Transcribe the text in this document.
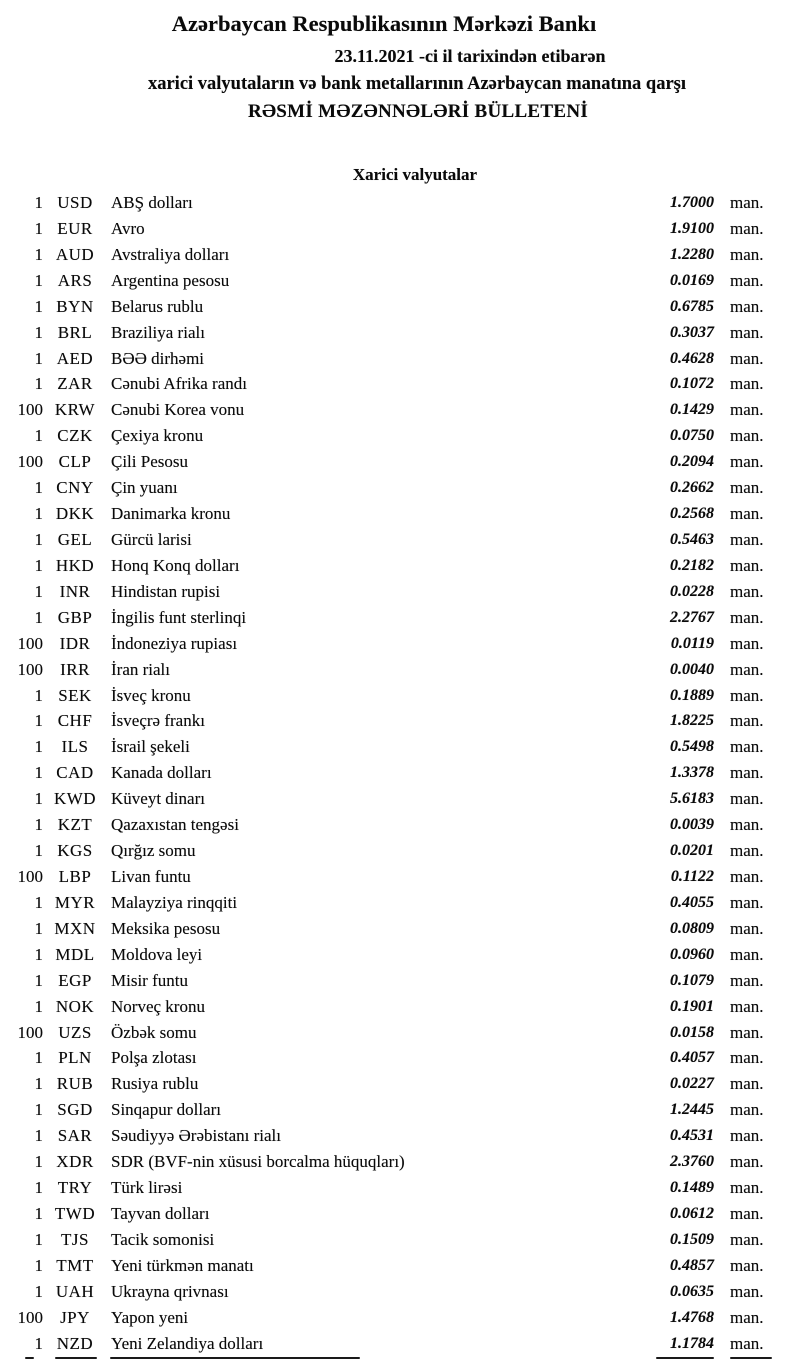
Azərbaycan Respublikasının Mərkəzi Bankı
23.11.2021 -ci il tarixindən etibarən
xarici valyutaların və bank metallarının Azərbaycan manatına qarşı
RƏSMİ MƏZƏNNƏLƏRİ BÜLLETENİ
Xarici valyutalar
1 USD	ABŞ dolları	1.7000 man.
1 EUR	Avro	1.9100 man.
1 AUD Avstraliya dolları	1.2280 man.
1 ARS	Argentina pesosu	0.0169 man.
1 BYN	Belarus rublu	0.6785 man.
1 BRL	Braziliya rialı	0.3037 man.
1 AED	BƏƏ dirhəmi	0.4628 man.
1 ZAR	Cənubi Afrika randı	0.1072 man.
100 KRW Cənubi Korea vonu	0.1429 man.
1 CZK	Çexiya kronu	0.0750 man.
100 CLP	Çili Pesosu	0.2094 man.
1 CNY	Çin yuanı	0.2662 man.
1 DKK Danimarka kronu	0.2568 man.
1 GEL	Gürcü larisi	0.5463 man.
1 HKD Honq Konq dolları	0.2182 man.
1 INR	Hindistan rupisi	0.0228 man.
1 GBP	İngilis funt sterlinqi	2.2767 man.
100 IDR	İndoneziya rupiası	0.0119 man.
100	IRR	İran rialı	0.0040 man.
1 SEK	İsveç kronu	0.1889 man.
1 CHF	İsveçrə frankı	1.8225 man.
1	ILS	İsrail şekeli	0.5498 man.
1 CAD	Kanada dolları	1.3378 man.
1 KWD Küveyt dinarı	5.6183 man.
1 KZT	Qazaxıstan tengəsi	0.0039 man.
1 KGS	Qırğız somu	0.0201 man.
100 LBP	Livan funtu	0.1122 man.
1 MYR Malayziya rinqqiti	0.4055 man.
1 MXN Meksika pesosu	0.0809 man.
1 MDL Moldova leyi	0.0960 man.
1 EGP	Misir funtu	0.1079 man.
1 NOK Norveç kronu	0.1901 man.
100 UZS	Özbək somu	0.0158 man.
1 PLN	Polşa zlotası	0.4057 man.
1 RUB	Rusiya rublu	0.0227 man.
1 SGD	Sinqapur dolları	1.2445 man.
1 SAR	Səudiyyə Ərəbistanı rialı	0.4531 man.
1 XDR	SDR (BVF-nin xüsusi borcalma hüquqları)	2.3760 man.
1 TRY	Türk lirəsi	0.1489 man.
1 TWD Tayvan dolları	0.0612 man.
1	TJS	Tacik somonisi	0.1509 man.
1 TMT	Yeni türkmən manatı	0.4857 man.
1 UAH Ukrayna qrivnası	0.0635 man.
100	JPY	Yapon yeni	1.4768 man.
1 NZD	Yeni Zelandiya dolları	1.1784 man.
